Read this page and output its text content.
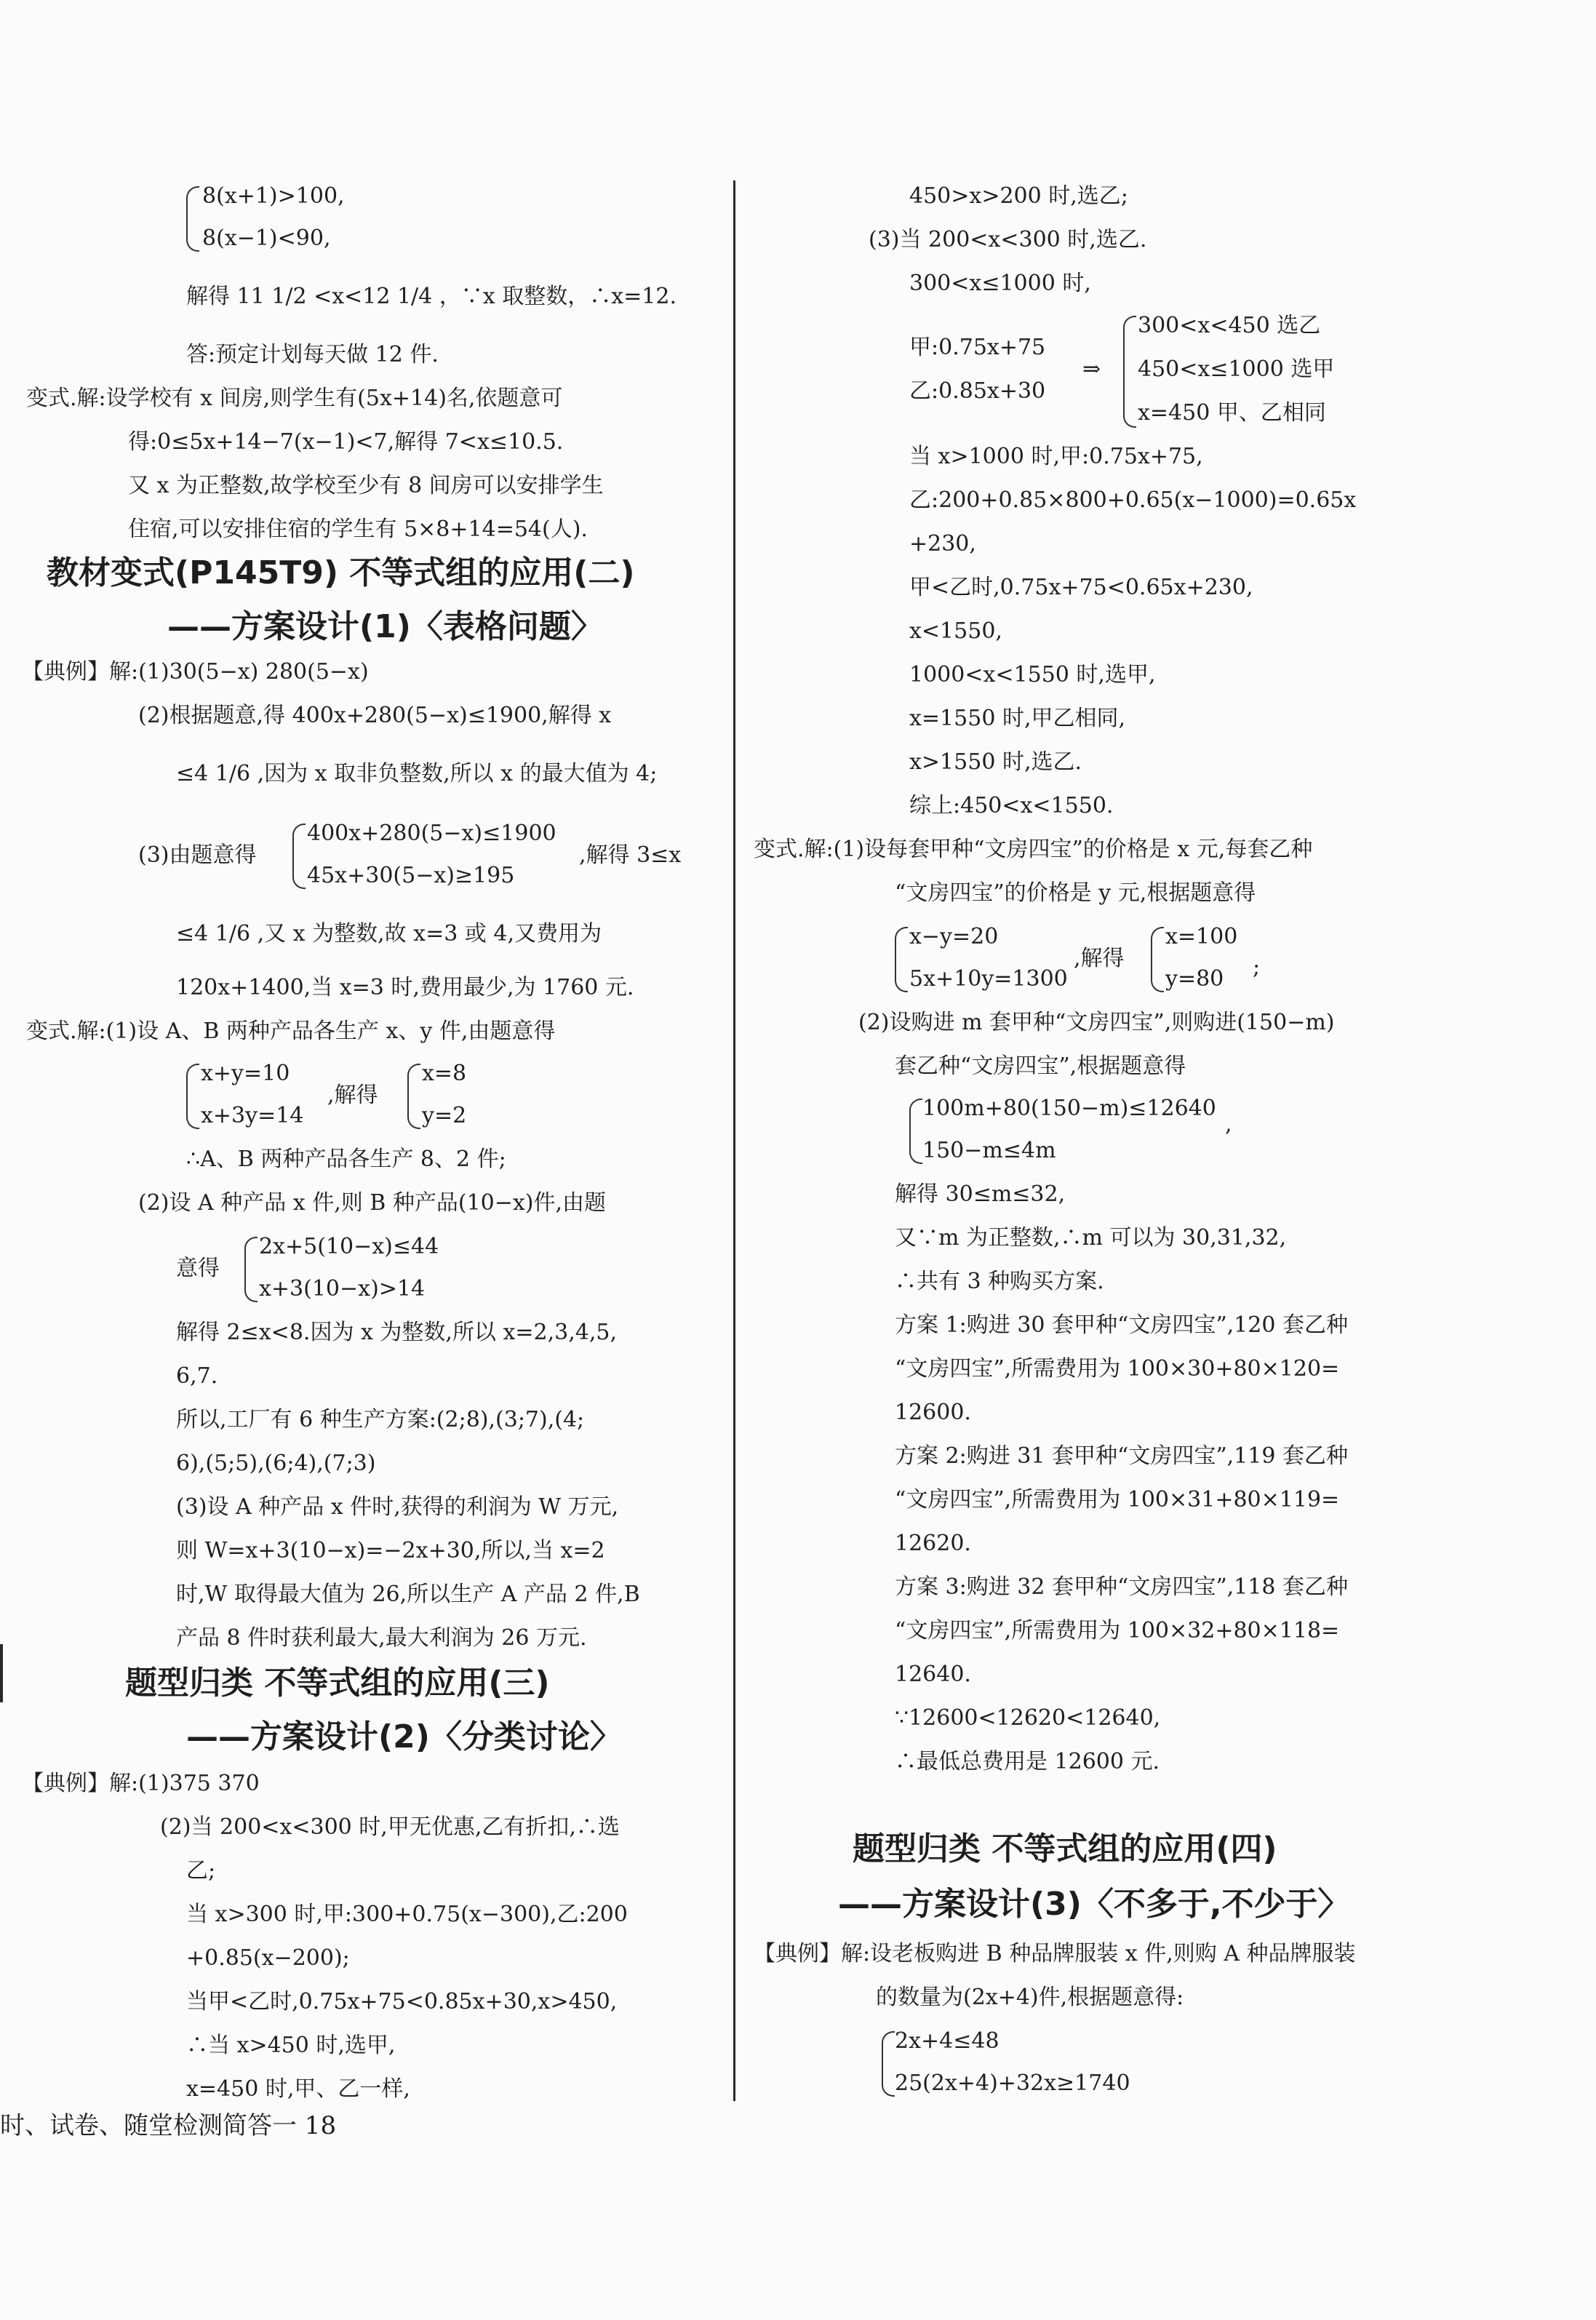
8(x+1)>100,
8(x−1)<90,
解得 11 1/2 <x<12 1/4 ，∵x 取整数，∴x=12.
答:预定计划每天做 12 件.
变式.解:设学校有 x 间房,则学生有(5x+14)名,依题意可
得:0≤5x+14−7(x−1)<7,解得 7<x≤10.5.
又 x 为正整数,故学校至少有 8 间房可以安排学生
住宿,可以安排住宿的学生有 5×8+14=54(人).
教材变式(P145T9) 不等式组的应用(二)
——方案设计(1)〈表格问题〉
【典例】解:(1)30(5−x) 280(5−x)
(2)根据题意,得 400x+280(5−x)≤1900,解得 x
≤4 1/6 ,因为 x 取非负整数,所以 x 的最大值为 4;
400x+280(5−x)≤1900
(3)由题意得	,解得 3≤x
45x+30(5−x)≥195
≤4 1/6 ,又 x 为整数,故 x=3 或 4,又费用为
120x+1400,当 x=3 时,费用最少,为 1760 元.
变式.解:(1)设 A、B 两种产品各生产 x、y 件,由题意得
x+y=10
,解得
x=8
x+3y=14	y=2
∴A、B 两种产品各生产 8、2 件;
(2)设 A 种产品 x 件,则 B 种产品(10−x)件,由题
2x+5(10−x)≤44
意得
x+3(10−x)>14
解得 2≤x<8.因为 x 为整数,所以 x=2,3,4,5,
6,7.
所以,工厂有 6 种生产方案:(2;8),(3;7),(4;
6),(5;5),(6;4),(7;3)
(3)设 A 种产品 x 件时,获得的利润为 W 万元,
则 W=x+3(10−x)=−2x+30,所以,当 x=2
时,W 取得最大值为 26,所以生产 A 产品 2 件,B
产品 8 件时获利最大,最大利润为 26 万元.
题型归类 不等式组的应用(三)
——方案设计(2)〈分类讨论〉
【典例】解:(1)375 370
(2)当 200<x<300 时,甲无优惠,乙有折扣,∴选
乙;
当 x>300 时,甲:300+0.75(x−300),乙:200
+0.85(x−200);
当甲<乙时,0.75x+75<0.85x+30,x>450,
∴当 x>450 时,选甲,
x=450 时,甲、乙一样,
450>x>200 时,选乙;
(3)当 200<x<300 时,选乙.
300<x≤1000 时,
300<x<450 选乙
甲:0.75x+75
⇒ 450<x≤1000 选甲
乙:0.85x+30
x=450 甲、乙相同
当 x>1000 时,甲:0.75x+75,
乙:200+0.85×800+0.65(x−1000)=0.65x
+230,
甲<乙时,0.75x+75<0.65x+230,
x<1550,
1000<x<1550 时,选甲,
x=1550 时,甲乙相同,
x>1550 时,选乙.
综上:450<x<1550.
变式.解:(1)设每套甲种“文房四宝”的价格是 x 元,每套乙种
“文房四宝”的价格是 y 元,根据题意得
x−y=20
,解得
x=100
5x+10y=1300	y=80 ;
(2)设购进 m 套甲种“文房四宝”,则购进(150−m)
套乙种“文房四宝”,根据题意得
100m+80(150−m)≤12640
,
150−m≤4m
解得 30≤m≤32,
又∵m 为正整数,∴m 可以为 30,31,32,
∴共有 3 种购买方案.
方案 1:购进 30 套甲种“文房四宝”,120 套乙种
“文房四宝”,所需费用为 100×30+80×120=
12600.
方案 2:购进 31 套甲种“文房四宝”,119 套乙种
“文房四宝”,所需费用为 100×31+80×119=
12620.
方案 3:购进 32 套甲种“文房四宝”,118 套乙种
“文房四宝”,所需费用为 100×32+80×118=
12640.
∵12600<12620<12640,
∴最低总费用是 12600 元.
题型归类 不等式组的应用(四)
——方案设计(3)〈不多于,不少于〉
【典例】解:设老板购进 B 种品牌服装 x 件,则购 A 种品牌服装
的数量为(2x+4)件,根据题意得:
2x+4≤48
25(2x+4)+32x≥1740
时、试卷、随堂检测简答一 18
